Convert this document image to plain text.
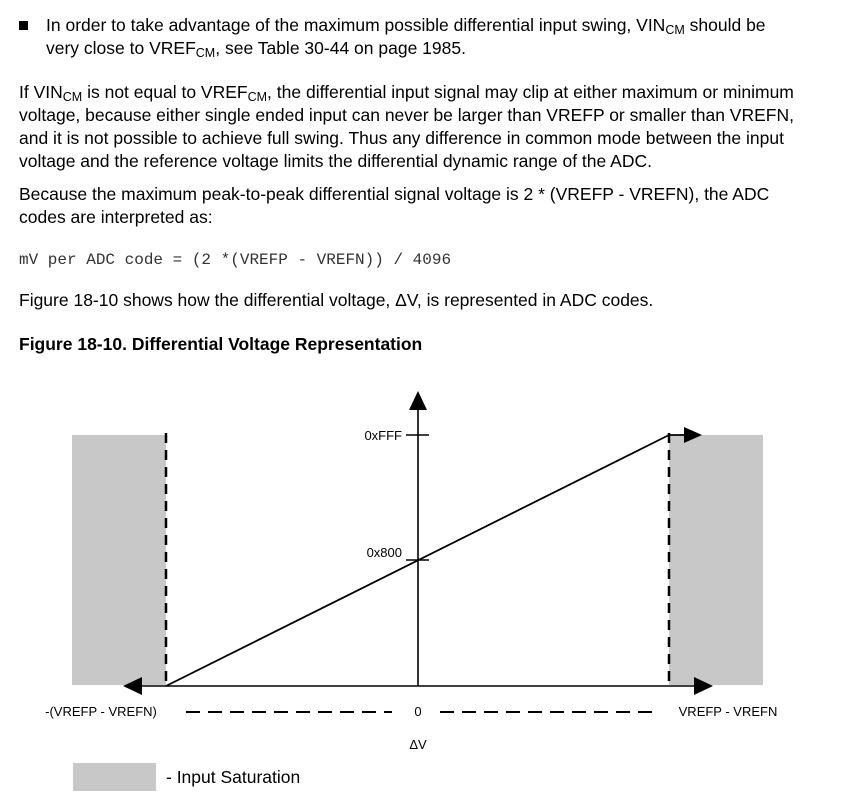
In order to take advantage of the maximum possible differential input swing, $VIN_{CM}$ should be
very close to $VREF_{CM}$, see Table 30-44 on page 1985.
If $VIN_{CM}$ is not equal to $VREF_{CM}$, the differential input signal may clip at either maximum or minimum
voltage, because either single ended input can never be larger than VREFP or smaller than VREFN,
and it is not possible to achieve full swing. Thus any difference in common mode between the input
voltage and the reference voltage limits the differential dynamic range of the ADC.
Because the maximum peak-to-peak differential signal voltage is 2 * (VREFP - VREFN), the ADC
codes are interpreted as:
mV per ADC code = (2 *(VREFP - VREFN)) / 4096
Figure 18-10 shows how the differential voltage, ΔV, is represented in ADC codes.
Figure 18-10. Differential Voltage Representation
0xFFF
0x800
-(VREFP - VREFN)	0	VREFP - VREFN
ΔV
- Input Saturation
